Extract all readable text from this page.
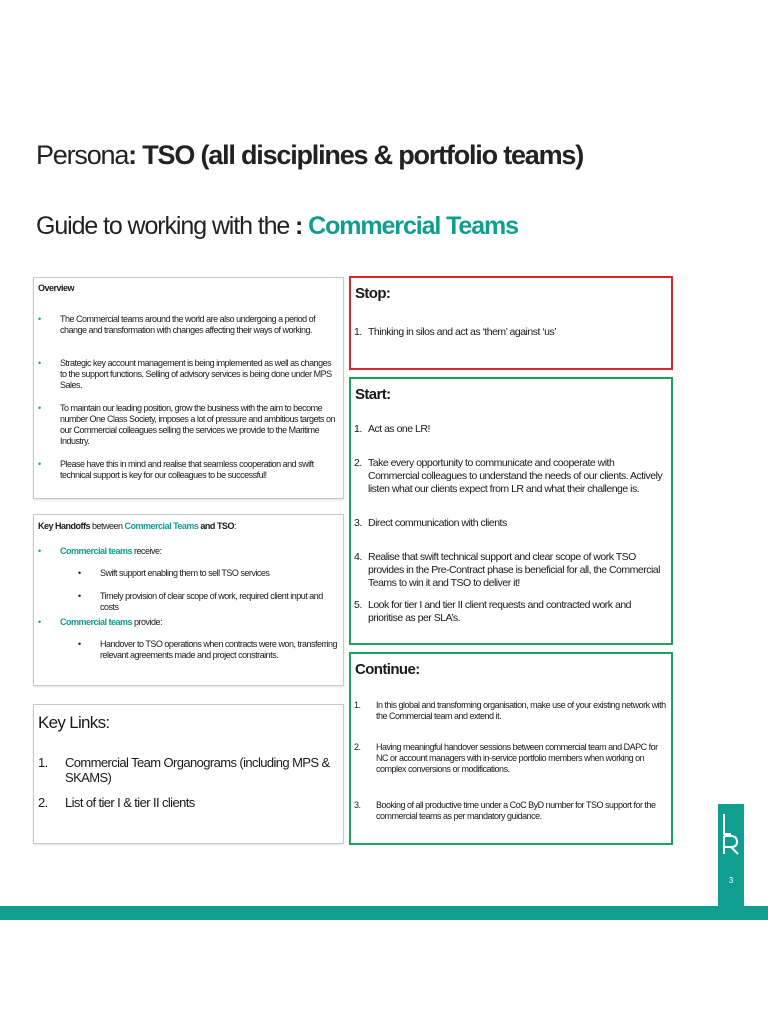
Persona: TSO (all disciplines & portfolio teams)
Guide to working with the : Commercial Teams
Overview
•	The Commercial teams around the world are also undergoing a period of change and transformation with changes affecting their ways of working.
•	Strategic key account management is being implemented as well as changes to the support functions. Selling of advisory services is being done under MPS Sales.
•	To maintain our leading position, grow the business with the aim to become number One Class Society, imposes a lot of pressure and ambitious targets on our Commercial colleagues selling the services we provide to the Maritime Industry.
•	Please have this in mind and realise that seamless cooperation and swift technical support is key for our colleagues to be successful!
Key Handoffs between Commercial Teams and TSO:
•	Commercial teams receive:
•	Swift support enabling them to sell TSO services
•	Timely provision of clear scope of work, required client input and costs
•	Commercial teams provide:
•	Handover to TSO operations when contracts were won, transferring relevant agreements made and project constraints.
Key Links:
1.	Commercial Team Organograms (including MPS & SKAMS)
2.	List of tier I & tier II clients
Stop:
1. Thinking in silos and act as ‘them’ against ‘us’
Start:
1. Act as one LR!
2. Take every opportunity to communicate and cooperate with Commercial colleagues to understand the needs of our clients. Actively listen what our clients expect from LR and what their challenge is.
3. Direct communication with clients
4. Realise that swift technical support and clear scope of work TSO provides in the Pre-Contract phase is beneficial for all, the Commercial Teams to win it and TSO to deliver it!
5. Look for tier I and tier II client requests and contracted work and prioritise as per SLA’s.
Continue:
1.	In this global and transforming organisation, make use of your existing network with the Commercial team and extend it.
2.	Having meaningful handover sessions between commercial team and DAPC for NC or account managers with in-service portfolio members when working on complex conversions or modifications.
3.	Booking of all productive time under a CoC ByD number for TSO support for the commercial teams as per mandatory guidance.
3
